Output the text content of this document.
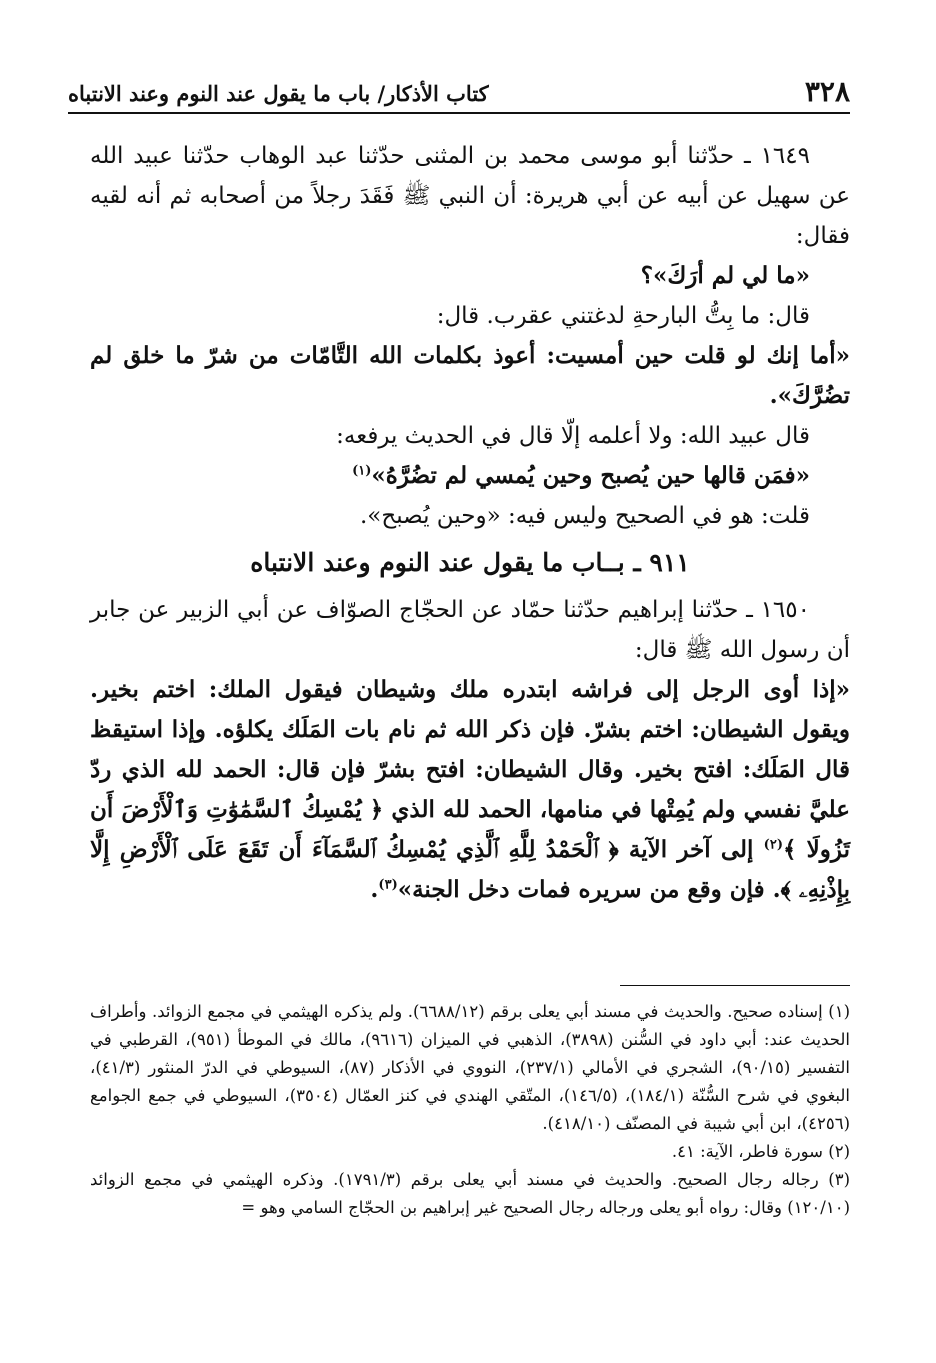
٣٢٨
كتاب الأذكار/ باب ما يقول عند النوم وعند الانتباه

١٦٤٩ ـ حدّثنا أبو موسى محمد بن المثنى حدّثنا عبد الوهاب حدّثنا عبيد الله عن سهيل عن أبيه عن أبي هريرة: أن النبي ﷺ فَقَدَ رجلاً من أصحابه ثم أنه لقيه فقال:

«ما لي لم أرَكَ»؟

قال: ما بِتُّ البارحةِ لدغتني عقرب. قال:

«أما إنك لو قلت حين أمسيت: أعوذ بكلمات الله التَّامّات من شرّ ما خلق لم تضُرَّكَ».

قال عبيد الله: ولا أعلمه إلّا قال في الحديث يرفعه:

«فمَن قالها حين يُصبح وحين يُمسي لم تضُرَّهُ»$^{(١)}$

قلت: هو في الصحيح وليس فيه: «وحين يُصبح».

٩١١ ـ بــاب ما يقول عند النوم وعند الانتباه

١٦٥٠ ـ حدّثنا إبراهيم حدّثنا حمّاد عن الحجّاج الصوّاف عن أبي الزبير عن جابر أن رسول الله ﷺ قال:

«إذا أوى الرجل إلى فراشه ابتدره ملك وشيطان فيقول الملك: اختم بخير. ويقول الشيطان: اختم بشرّ. فإن ذكر الله ثم نام بات المَلَك يكلؤه. وإذا استيقظ قال المَلَك: افتح بخير. وقال الشيطان: افتح بشرّ فإن قال: الحمد لله الذي ردّ عليَّ نفسي ولم يُمِتْها في منامها، الحمد لله الذي ﴿ يُمْسِكُ ٱلسَّمَٰوَٰتِ وَٱلْأَرْضَ أَن تَزُولَا ﴾$^{(٢)}$ إلى آخر الآية ﴿ ٱلْحَمْدُ لِلَّهِ ٱلَّذِي يُمْسِكُ ٱلسَّمَآءَ أَن تَقَعَ عَلَى ٱلْأَرْضِ إِلَّا بِإِذْنِهِۦ ﴾. فإن وقع من سريره فمات دخل الجنة»$^{(٣)}$.

(١) إسناده صحيح. والحديث في مسند أبي يعلى برقم (٦٦٨٨/١٢). ولم يذكره الهيثمي في مجمع الزوائد. وأطراف الحديث عند: أبي داود في السُّنن (٣٨٩٨)، الذهبي في الميزان (٩٦١٦)، مالك في الموطأ (٩٥١)، القرطبي في التفسير (٩٠/١٥)، الشجري في الأمالي (٢٣٧/١)، النووي في الأذكار (٨٧)، السيوطي في الدرّ المنثور (٤١/٣)، البغوي في شرح السُّنّة (١٨٤/١)، (١٤٦/٥)، المتّقي الهندي في كنز العمّال (٣٥٠٤)، السيوطي في جمع الجوامع (٤٢٥٦)، ابن أبي شيبة في المصنّف (٤١٨/١٠).

(٢) سورة فاطر، الآية: ٤١.

(٣) رجاله رجال الصحيح. والحديث في مسند أبي يعلى برقم (١٧٩١/٣). وذكره الهيثمي في مجمع الزوائد (١٢٠/١٠) وقال: رواه أبو يعلى ورجاله رجال الصحيح غير إبراهيم بن الحجّاج السامي وهو =
